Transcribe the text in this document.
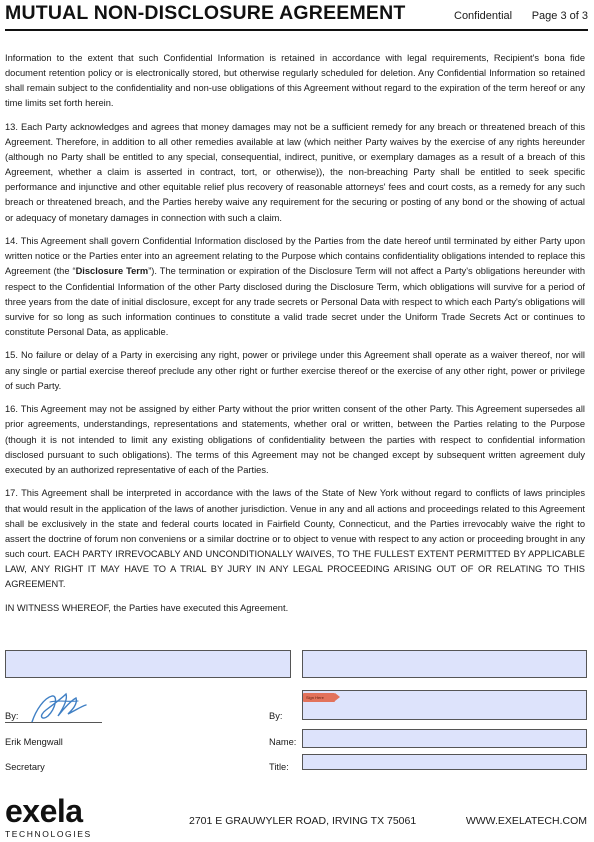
MUTUAL NON-DISCLOSURE AGREEMENT	Confidential Page 3 of 3

Information to the extent that such Confidential Information is retained in accordance with legal requirements, Recipient's bona fide document retention policy or is electronically stored, but otherwise regularly scheduled for deletion. Any Confidential Information so retained shall remain subject to the confidentiality and non-use obligations of this Agreement without regard to the expiration of the term hereof or any time limits set forth herein.

13. Each Party acknowledges and agrees that money damages may not be a sufficient remedy for any breach or threatened breach of this Agreement. Therefore, in addition to all other remedies available at law (which neither Party waives by the exercise of any rights hereunder (although no Party shall be entitled to any special, consequential, indirect, punitive, or exemplary damages as a result of a breach of this Agreement, whether a claim is asserted in contract, tort, or otherwise)), the non-breaching Party shall be entitled to seek specific performance and injunctive and other equitable relief plus recovery of reasonable attorneys' fees and court costs, as a remedy for any such breach or threatened breach, and the Parties hereby waive any requirement for the securing or posting of any bond or the showing of actual or adequacy of monetary damages in connection with such a claim.

14. This Agreement shall govern Confidential Information disclosed by the Parties from the date hereof until terminated by either Party upon written notice or the Parties enter into an agreement relating to the Purpose which contains confidentiality obligations intended to replace this Agreement (the “Disclosure Term”). The termination or expiration of the Disclosure Term will not affect a Party's obligations hereunder with respect to the Confidential Information of the other Party disclosed during the Disclosure Term, which obligations will survive for a period of three years from the date of initial disclosure, except for any trade secrets or Personal Data with respect to which each Party's obligations will survive for so long as such information continues to constitute a valid trade secret under the Uniform Trade Secrets Act or continues to constitute Personal Data, as applicable.

15. No failure or delay of a Party in exercising any right, power or privilege under this Agreement shall operate as a waiver thereof, nor will any single or partial exercise thereof preclude any other right or further exercise thereof or the exercise of any other right, power or privilege of such Party.

16. This Agreement may not be assigned by either Party without the prior written consent of the other Party. This Agreement supersedes all prior agreements, understandings, representations and statements, whether oral or written, between the Parties relating to the Purpose (though it is not intended to limit any existing obligations of confidentiality between the parties with respect to confidential information disclosed pursuant to such obligations). The terms of this Agreement may not be changed except by subsequent written agreement duly executed by an authorized representative of each of the Parties.

17. This Agreement shall be interpreted in accordance with the laws of the State of New York without regard to conflicts of laws principles that would result in the application of the laws of another jurisdiction. Venue in any and all actions and proceedings related to this Agreement shall be exclusively in the state and federal courts located in Fairfield County, Connecticut, and the Parties irrevocably waive the right to assert the doctrine of forum non conveniens or a similar doctrine or to object to venue with respect to any action or proceeding brought in any such court. EACH PARTY IRREVOCABLY AND UNCONDITIONALLY WAIVES, TO THE FULLEST EXTENT PERMITTED BY APPLICABLE LAW, ANY RIGHT IT MAY HAVE TO A TRIAL BY JURY IN ANY LEGAL PROCEEDING ARISING OUT OF OR RELATING TO THIS AGREEMENT.

IN WITNESS WHEREOF, the Parties have executed this Agreement.

By:
Erik Mengwall
Secretary
By:
Sign Here
Name:
Title:
exela
TECHNOLOGIES
2701 E GRAUWYLER ROAD, IRVING TX 75061	WWW.EXELATECH.COM
